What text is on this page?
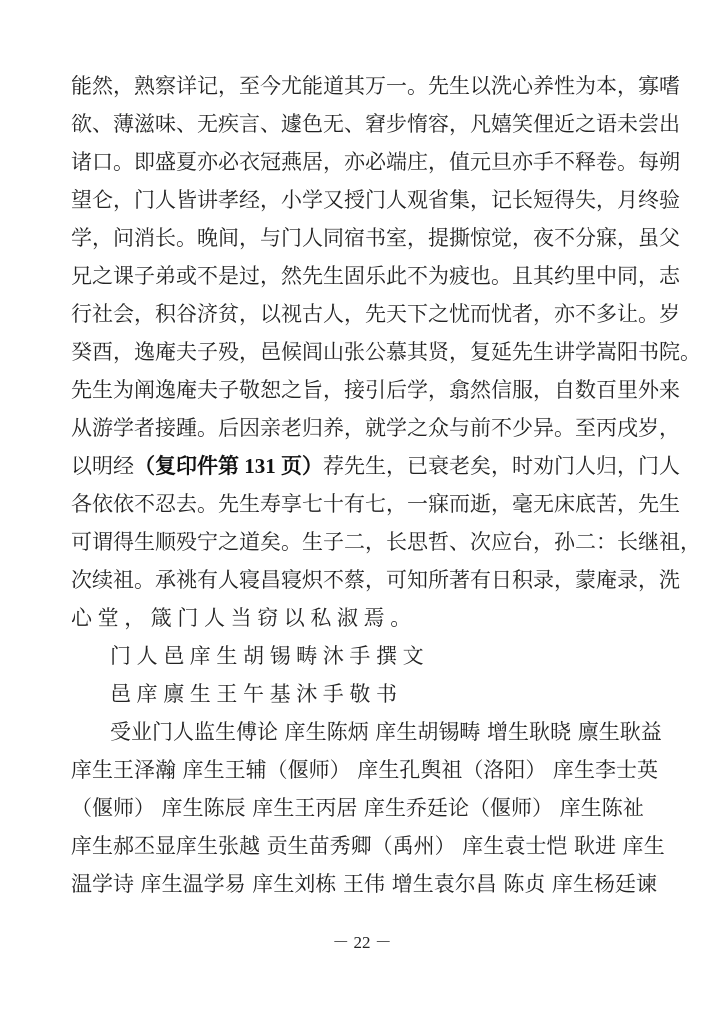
能然，熟察详记，至今尤能道其万一。先生以洗心养性为本，寡嗜
欲、薄滋味、无疾言、遽色无、窘步惰容，凡嬉笑俚近之语未尝出
诸口。即盛夏亦必衣冠燕居，亦必端庄，值元旦亦手不释卷。每朔
望仑，门人皆讲孝经，小学又授门人观省集，记长短得失，月终验
学，问消长。晚间，与门人同宿书室，提撕惊觉，夜不分寐，虽父
兄之课子弟或不是过，然先生固乐此不为疲也。且其约里中同，志
行社会，积谷济贫，以视古人，先天下之忧而忧者，亦不多让。岁
癸酉，逸庵夫子殁，邑候闾山张公慕其贤，复延先生讲学嵩阳书院。
先生为阐逸庵夫子敬恕之旨，接引后学，翕然信服，自数百里外来
从游学者接踵。后因亲老归养，就学之众与前不少异。至丙戌岁，
以明经（复印件第 131 页）荐先生，已衰老矣，时劝门人归，门人
各依依不忍去。先生寿享七十有七，一寐而逝，毫无床底苦，先生
可谓得生顺殁宁之道矣。生子二，长思哲、次应台，孙二：长继祖，
次续祖。承祧有人寝昌寝炽不蔡，可知所著有日积录，蒙庵录，洗
心堂，箴门人当窃以私淑焉。
门人邑庠生胡锡畴沐手撰文
邑庠廪生王午基沐手敬书
受业门人监生傅论 庠生陈炳 庠生胡锡畴 增生耿晓 廪生耿益
庠生王泽瀚 庠生王辅（偃师） 庠生孔舆祖（洛阳） 庠生李士英
（偃师） 庠生陈辰 庠生王丙居 庠生乔廷论（偃师） 庠生陈祉
庠生郝丕显庠生张越 贡生苗秀卿（禹州） 庠生袁士恺 耿进 庠生
温学诗 庠生温学易 庠生刘栋 王伟 增生袁尔昌 陈贞 庠生杨廷谏
－ 22 －
